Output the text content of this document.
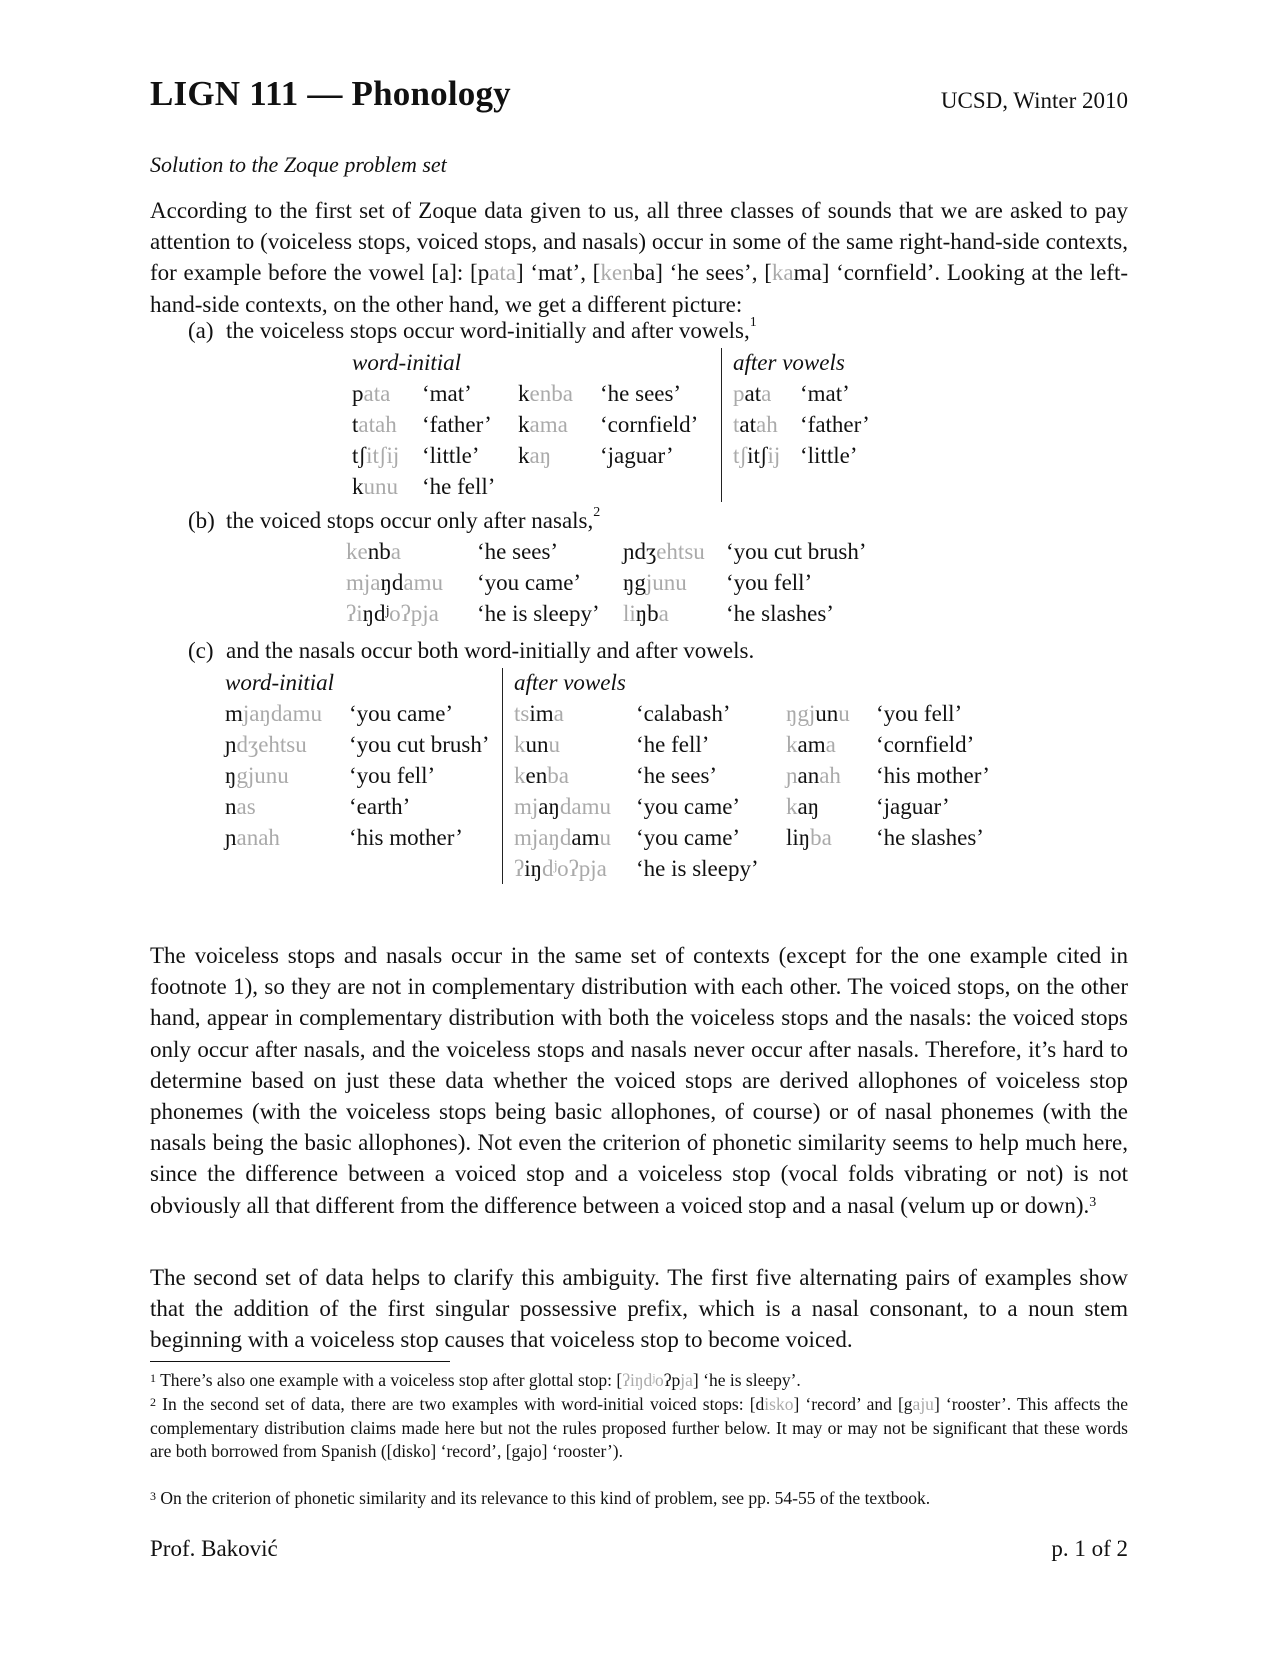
LIGN 111 — Phonology	UCSD, Winter 2010
Solution to the Zoque problem set

According to the first set of Zoque data given to us, all three classes of sounds that we are asked to pay attention to (voiceless stops, voiced stops, and nasals) occur in some of the same right-hand-side contexts, for example before the vowel [a]: [pata] ‘mat’, [kenba] ‘he sees’, [kama] ‘cornfield’. Looking at the left-hand-side contexts, on the other hand, we get a different picture:

(a) the voiceless stops occur word-initially and after vowels,$^1$
word-initial				after vowels	
pata	‘mat’	kenba	‘he sees’	pata	‘mat’
tatah	‘father’	kama	‘cornfield’	tatah	‘father’
tʃitʃij	‘little’	kaŋ	‘jaguar’	tʃitʃij	‘little’
kunu	‘he fell’				
(b) the voiced stops occur only after nasals,$^2$
kenba	‘he sees’	ɲdʒehtsu	‘you cut brush’
mjaŋdamu	‘you came’	ŋgjunu	‘you fell’
ʔiŋdʲoʔpja	‘he is sleepy’	liŋba	‘he slashes’
(c) and the nasals occur both word-initially and after vowels.
word-initial		after vowels			
mjaŋdamu	‘you came’	tsima	‘calabash’	ŋgjunu	‘you fell’
ɲdʒehtsu	‘you cut brush’	kunu	‘he fell’	kama	‘cornfield’
ŋgjunu	‘you fell’	kenba	‘he sees’	ɲanah	‘his mother’
nas	‘earth’	mjaŋdamu	‘you came’	kaŋ	‘jaguar’
ɲanah	‘his mother’	mjaŋdamu	‘you came’	liŋba	‘he slashes’
		ʔiŋdʲoʔpja	‘he is sleepy’		

The voiceless stops and nasals occur in the same set of contexts (except for the one example cited in footnote 1), so they are not in complementary distribution with each other. The voiced stops, on the other hand, appear in complementary distribution with both the voiceless stops and the nasals: the voiced stops only occur after nasals, and the voiceless stops and nasals never occur after nasals. Therefore, it’s hard to determine based on just these data whether the voiced stops are derived allophones of voiceless stop phonemes (with the voiceless stops being basic allophones, of course) or of nasal phonemes (with the nasals being the basic allophones). Not even the criterion of phonetic similarity seems to help much here, since the difference between a voiced stop and a voiceless stop (vocal folds vibrating or not) is not obviously all that different from the difference between a voiced stop and a nasal (velum up or down).$^3$

The second set of data helps to clarify this ambiguity. The first five alternating pairs of examples show that the addition of the first singular possessive prefix, which is a nasal consonant, to a noun stem beginning with a voiceless stop causes that voiceless stop to become voiced.

$^1$ There’s also one example with a voiceless stop after glottal stop: [ʔiŋdʲoʔpja] ‘he is sleepy’.

$^2$ In the second set of data, there are two examples with word-initial voiced stops: [disko] ‘record’ and [gaju] ‘rooster’. This affects the complementary distribution claims made here but not the rules proposed further below. It may or may not be significant that these words are both borrowed from Spanish ([disko] ‘record’, [gajo] ‘rooster’).

$^3$ On the criterion of phonetic similarity and its relevance to this kind of problem, see pp. 54-55 of the textbook.

Prof. Baković	p. 1 of 2
